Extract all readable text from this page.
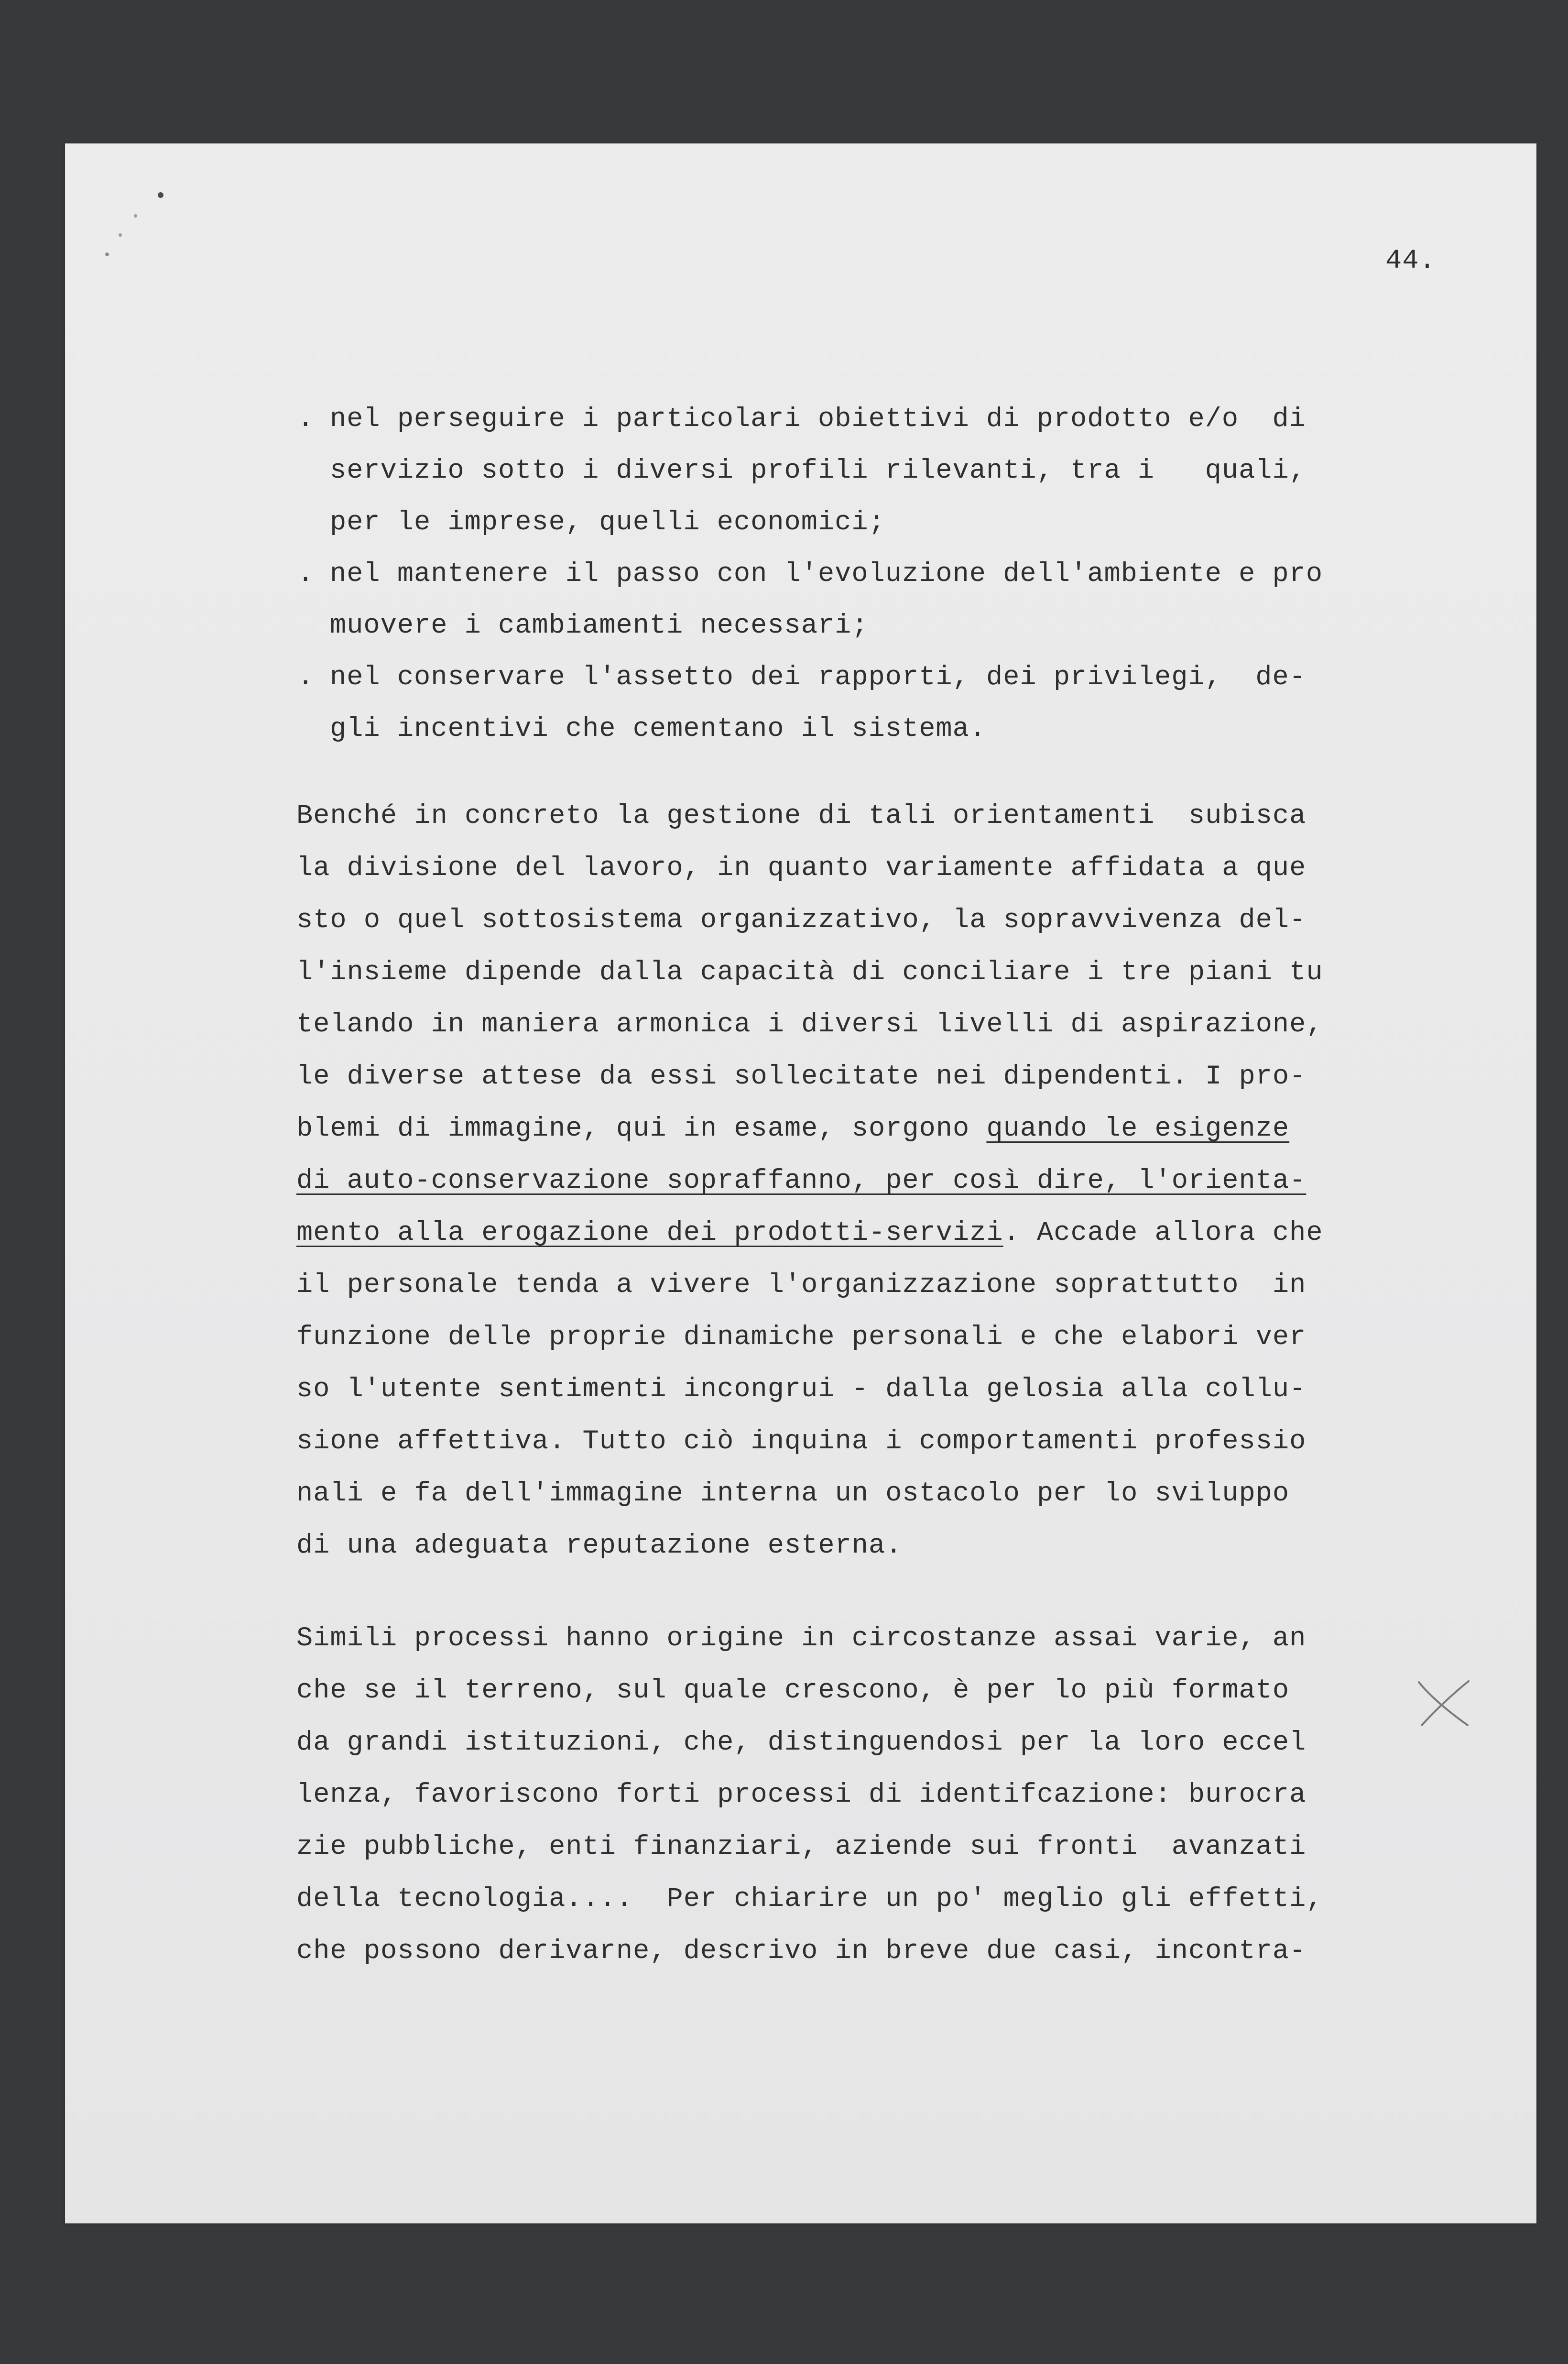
44.
. nel perseguire i particolari obiettivi di prodotto e/o  di
servizio sotto i diversi profili rilevanti, tra i   quali,
per le imprese, quelli economici;
. nel mantenere il passo con l'evoluzione dell'ambiente e pro
muovere i cambiamenti necessari;
. nel conservare l'assetto dei rapporti, dei privilegi,  de-
gli incentivi che cementano il sistema.
Benché in concreto la gestione di tali orientamenti  subisca
la divisione del lavoro, in quanto variamente affidata a que
sto o quel sottosistema organizzativo, la sopravvivenza del-
l'insieme dipende dalla capacità di conciliare i tre piani tu
telando in maniera armonica i diversi livelli di aspirazione,
le diverse attese da essi sollecitate nei dipendenti. I pro-
blemi di immagine, qui in esame, sorgono quando le esigenze
di auto-conservazione sopraffanno, per così dire, l'orienta-
mento alla erogazione dei prodotti-servizi. Accade allora che
il personale tenda a vivere l'organizzazione soprattutto  in
funzione delle proprie dinamiche personali e che elabori ver
so l'utente sentimenti incongrui - dalla gelosia alla collu-
sione affettiva. Tutto ciò inquina i comportamenti professio
nali e fa dell'immagine interna un ostacolo per lo sviluppo
di una adeguata reputazione esterna.
Simili processi hanno origine in circostanze assai varie, an
che se il terreno, sul quale crescono, è per lo più formato
da grandi istituzioni, che, distinguendosi per la loro eccel
lenza, favoriscono forti processi di identifcazione: burocra
zie pubbliche, enti finanziari, aziende sui fronti  avanzati
della tecnologia....  Per chiarire un po' meglio gli effetti,
che possono derivarne, descrivo in breve due casi, incontra-
